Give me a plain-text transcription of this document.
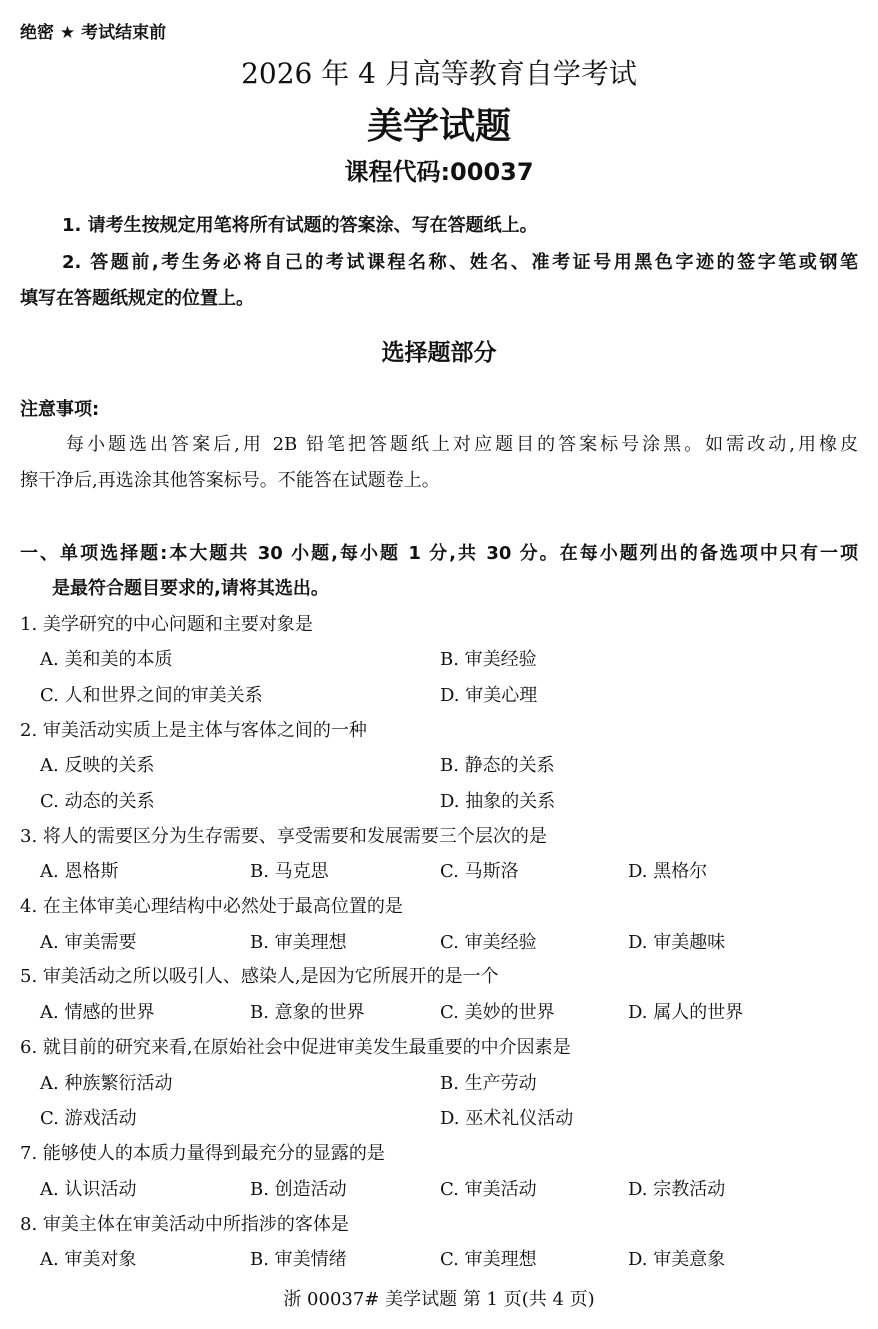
绝密 ★ 考试结束前
2026 年 4 月高等教育自学考试
美学试题
课程代码:00037
1. 请考生按规定用笔将所有试题的答案涂、写在答题纸上。
2. 答题前,考生务必将自己的考试课程名称、姓名、准考证号用黑色字迹的签字笔或钢笔
填写在答题纸规定的位置上。
选择题部分
注意事项:
每小题选出答案后,用 2B 铅笔把答题纸上对应题目的答案标号涂黑。如需改动,用橡皮
擦干净后,再选涂其他答案标号。不能答在试题卷上。
一、单项选择题:本大题共 30 小题,每小题 1 分,共 30 分。在每小题列出的备选项中只有一项
是最符合题目要求的,请将其选出。
1. 美学研究的中心问题和主要对象是
A. 美和美的本质	B. 审美经验
C. 人和世界之间的审美关系	D. 审美心理
2. 审美活动实质上是主体与客体之间的一种
A. 反映的关系	B. 静态的关系
C. 动态的关系	D. 抽象的关系
3. 将人的需要区分为生存需要、享受需要和发展需要三个层次的是
A. 恩格斯	B. 马克思	C. 马斯洛	D. 黑格尔
4. 在主体审美心理结构中必然处于最高位置的是
A. 审美需要	B. 审美理想	C. 审美经验	D. 审美趣味
5. 审美活动之所以吸引人、感染人,是因为它所展开的是一个
A. 情感的世界	B. 意象的世界	C. 美妙的世界	D. 属人的世界
6. 就目前的研究来看,在原始社会中促进审美发生最重要的中介因素是
A. 种族繁衍活动	B. 生产劳动
C. 游戏活动	D. 巫术礼仪活动
7. 能够使人的本质力量得到最充分的显露的是
A. 认识活动	B. 创造活动	C. 审美活动	D. 宗教活动
8. 审美主体在审美活动中所指涉的客体是
A. 审美对象	B. 审美情绪	C. 审美理想	D. 审美意象
浙 00037# 美学试题 第 1 页(共 4 页)
